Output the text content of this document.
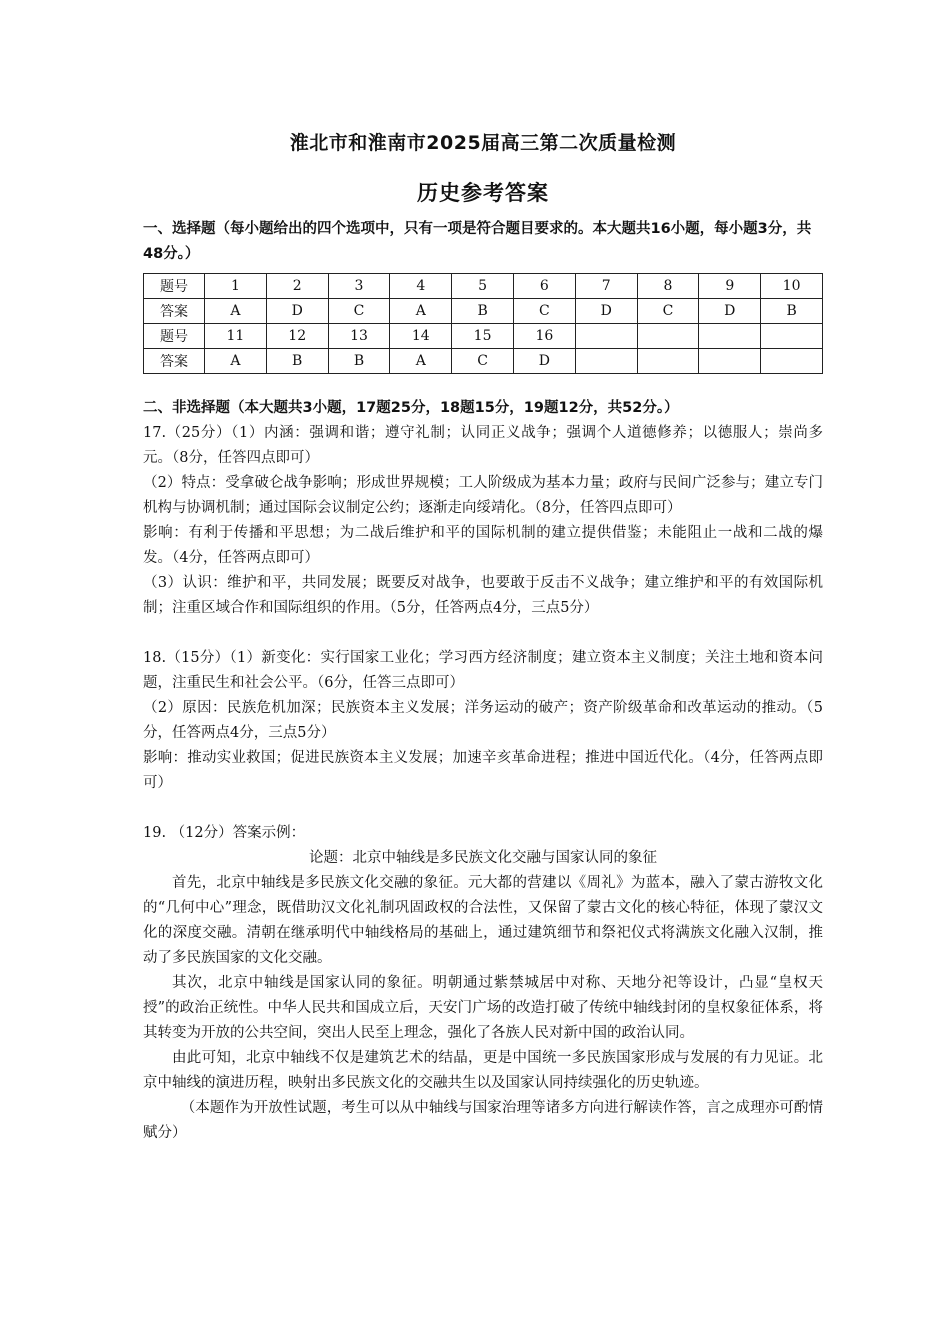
淮北市和淮南市2025届高三第二次质量检测
历史参考答案
一、选择题（每小题给出的四个选项中，只有一项是符合题目要求的。本大题共16小题，每小题3分，共48分。）
题号	1	2	3	4	5	6	7	8	9	10
答案	A	D	C	A	B	C	D	C	D	B
题号	11	12	13	14	15	16				
答案	A	B	B	A	C	D				
二、非选择题（本大题共3小题，17题25分，18题15分，19题12分，共52分。）

17.（25分）（1）内涵：强调和谐；遵守礼制；认同正义战争；强调个人道德修养；以德服人；崇尚多元。（8分，任答四点即可）

（2）特点：受拿破仑战争影响；形成世界规模；工人阶级成为基本力量；政府与民间广泛参与；建立专门机构与协调机制；通过国际会议制定公约；逐渐走向绥靖化。（8分，任答四点即可）

影响：有利于传播和平思想；为二战后维护和平的国际机制的建立提供借鉴；未能阻止一战和二战的爆发。（4分，任答两点即可）

（3）认识：维护和平，共同发展；既要反对战争，也要敢于反击不义战争；建立维护和平的有效国际机制；注重区域合作和国际组织的作用。（5分，任答两点4分，三点5分）

18.（15分）（1）新变化：实行国家工业化；学习西方经济制度；建立资本主义制度；关注土地和资本问题，注重民生和社会公平。（6分，任答三点即可）

（2）原因：民族危机加深；民族资本主义发展；洋务运动的破产；资产阶级革命和改革运动的推动。（5分，任答两点4分，三点5分）

影响：推动实业救国；促进民族资本主义发展；加速辛亥革命进程；推进中国近代化。（4分，任答两点即可）

19. （12分）答案示例：

论题：北京中轴线是多民族文化交融与国家认同的象征

首先，北京中轴线是多民族文化交融的象征。元大都的营建以《周礼》为蓝本，融入了蒙古游牧文化的“几何中心”理念，既借助汉文化礼制巩固政权的合法性，又保留了蒙古文化的核心特征，体现了蒙汉文化的深度交融。清朝在继承明代中轴线格局的基础上，通过建筑细节和祭祀仪式将满族文化融入汉制，推动了多民族国家的文化交融。

其次，北京中轴线是国家认同的象征。明朝通过紫禁城居中对称、天地分祀等设计，凸显“皇权天授”的政治正统性。中华人民共和国成立后，天安门广场的改造打破了传统中轴线封闭的皇权象征体系，将其转变为开放的公共空间，突出人民至上理念，强化了各族人民对新中国的政治认同。

由此可知，北京中轴线不仅是建筑艺术的结晶，更是中国统一多民族国家形成与发展的有力见证。北京中轴线的演进历程，映射出多民族文化的交融共生以及国家认同持续强化的历史轨迹。

（本题作为开放性试题，考生可以从中轴线与国家治理等诸多方向进行解读作答，言之成理亦可酌情赋分）
